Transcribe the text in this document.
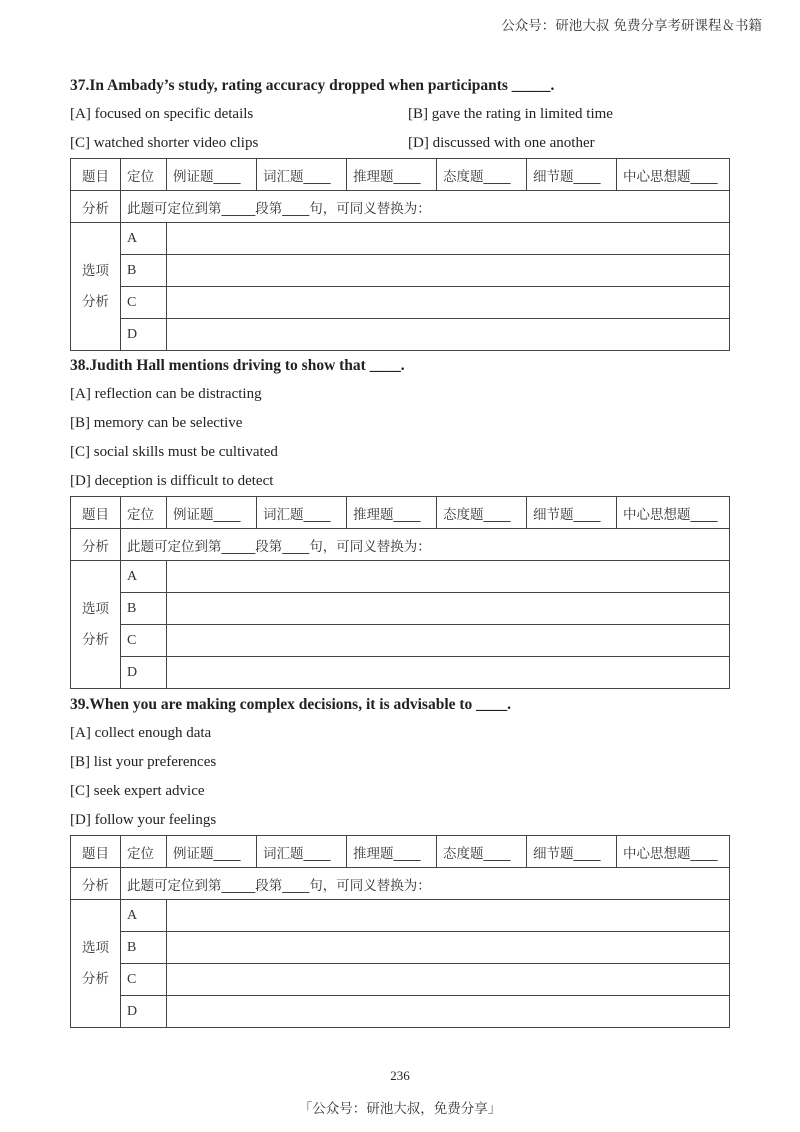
公众号：研池大叔 免费分享考研课程＆书籍

37.In Ambady’s study, rating accuracy dropped when participants _____.

[A] focused on specific details	[B] gave the rating in limited time
[C] watched shorter video clips	[D] discussed with one another
题目	定位	例证题____	词汇题____	推理题____	态度题____	细节题____	中心思想题____
分析	此题可定位到第_____段第____句，可同义替换为：						

选项
分析	A						
	B						
	C						
	D						

38.Judith Hall mentions driving to show that ____.

[A] reflection can be distracting
[B] memory can be selective
[C] social skills must be cultivated
[D] deception is difficult to detect
题目	定位	例证题____	词汇题____	推理题____	态度题____	细节题____	中心思想题____
分析	此题可定位到第_____段第____句，可同义替换为：						

选项
分析	A						
	B						
	C						
	D						

39.When you are making complex decisions, it is advisable to ____.

[A] collect enough data
[B] list your preferences
[C] seek expert advice
[D] follow your feelings
题目	定位	例证题____	词汇题____	推理题____	态度题____	细节题____	中心思想题____
分析	此题可定位到第_____段第____句，可同义替换为：						

选项
分析	A						
	B						
	C						
	D						
236
「公众号：研池大叔，免费分享」
